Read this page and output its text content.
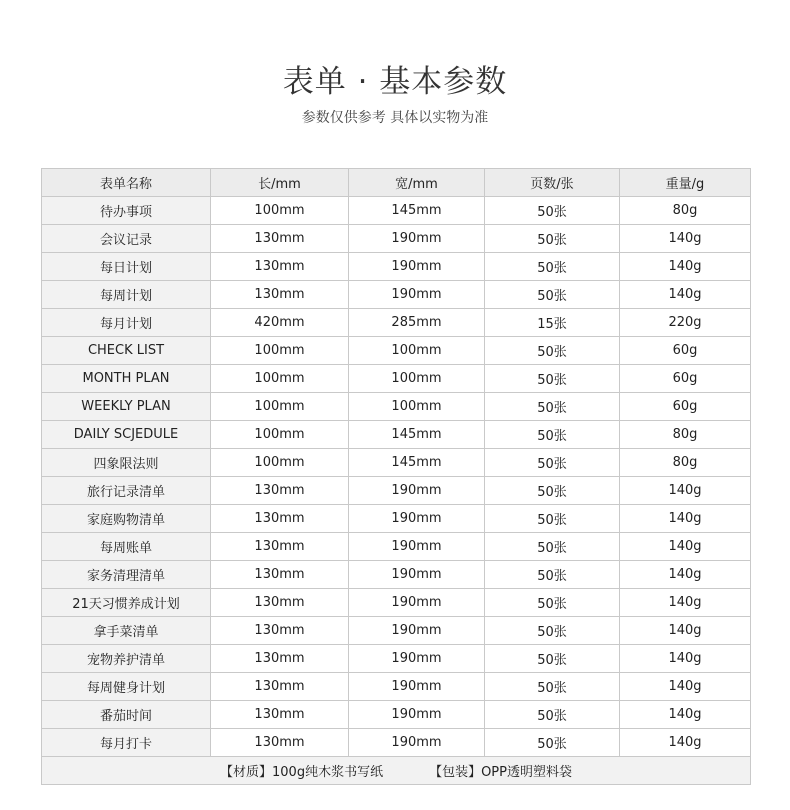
表单 · 基本参数
参数仅供参考 具体以实物为准
表单名称	长/mm	宽/mm	页数/张	重量/g
待办事项	100mm	145mm	50张	80g
会议记录	130mm	190mm	50张	140g
每日计划	130mm	190mm	50张	140g
每周计划	130mm	190mm	50张	140g
每月计划	420mm	285mm	15张	220g
CHECK LIST	100mm	100mm	50张	60g
MONTH PLAN	100mm	100mm	50张	60g
WEEKLY PLAN	100mm	100mm	50张	60g
DAILY SCJEDULE	100mm	145mm	50张	80g
四象限法则	100mm	145mm	50张	80g
旅行记录清单	130mm	190mm	50张	140g
家庭购物清单	130mm	190mm	50张	140g
每周账单	130mm	190mm	50张	140g
家务清理清单	130mm	190mm	50张	140g
21天习惯养成计划	130mm	190mm	50张	140g
拿手菜清单	130mm	190mm	50张	140g
宠物养护清单	130mm	190mm	50张	140g
每周健身计划	130mm	190mm	50张	140g
番茄时间	130mm	190mm	50张	140g
每月打卡	130mm	190mm	50张	140g
【材质】100g纯木浆书写纸 【包装】OPP透明塑料袋				
